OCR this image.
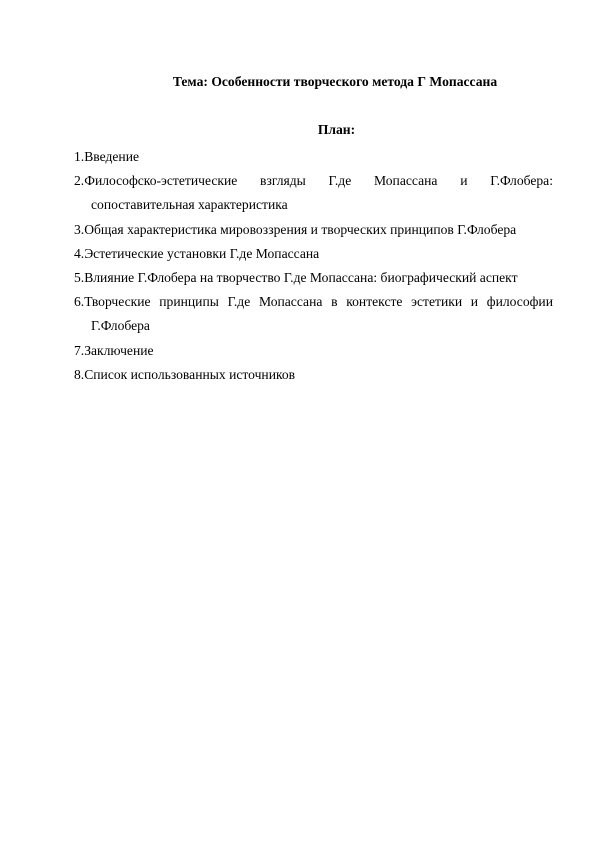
Тема: Особенности творческого метода Г Мопассана

План:

1.Введение
2.Философско-эстетические взгляды Г.де Мопассана и Г.Флобера: сопоставительная характеристика
3.Общая характеристика мировоззрения и творческих принципов Г.Флобера
4.Эстетические установки Г.де Мопассана
5.Влияние Г.Флобера на творчество Г.де Мопассана: биографический аспект
6.Творческие принципы Г.де Мопассана в контексте эстетики и философии Г.Флобера
7.Заключение
8.Список использованных источников
